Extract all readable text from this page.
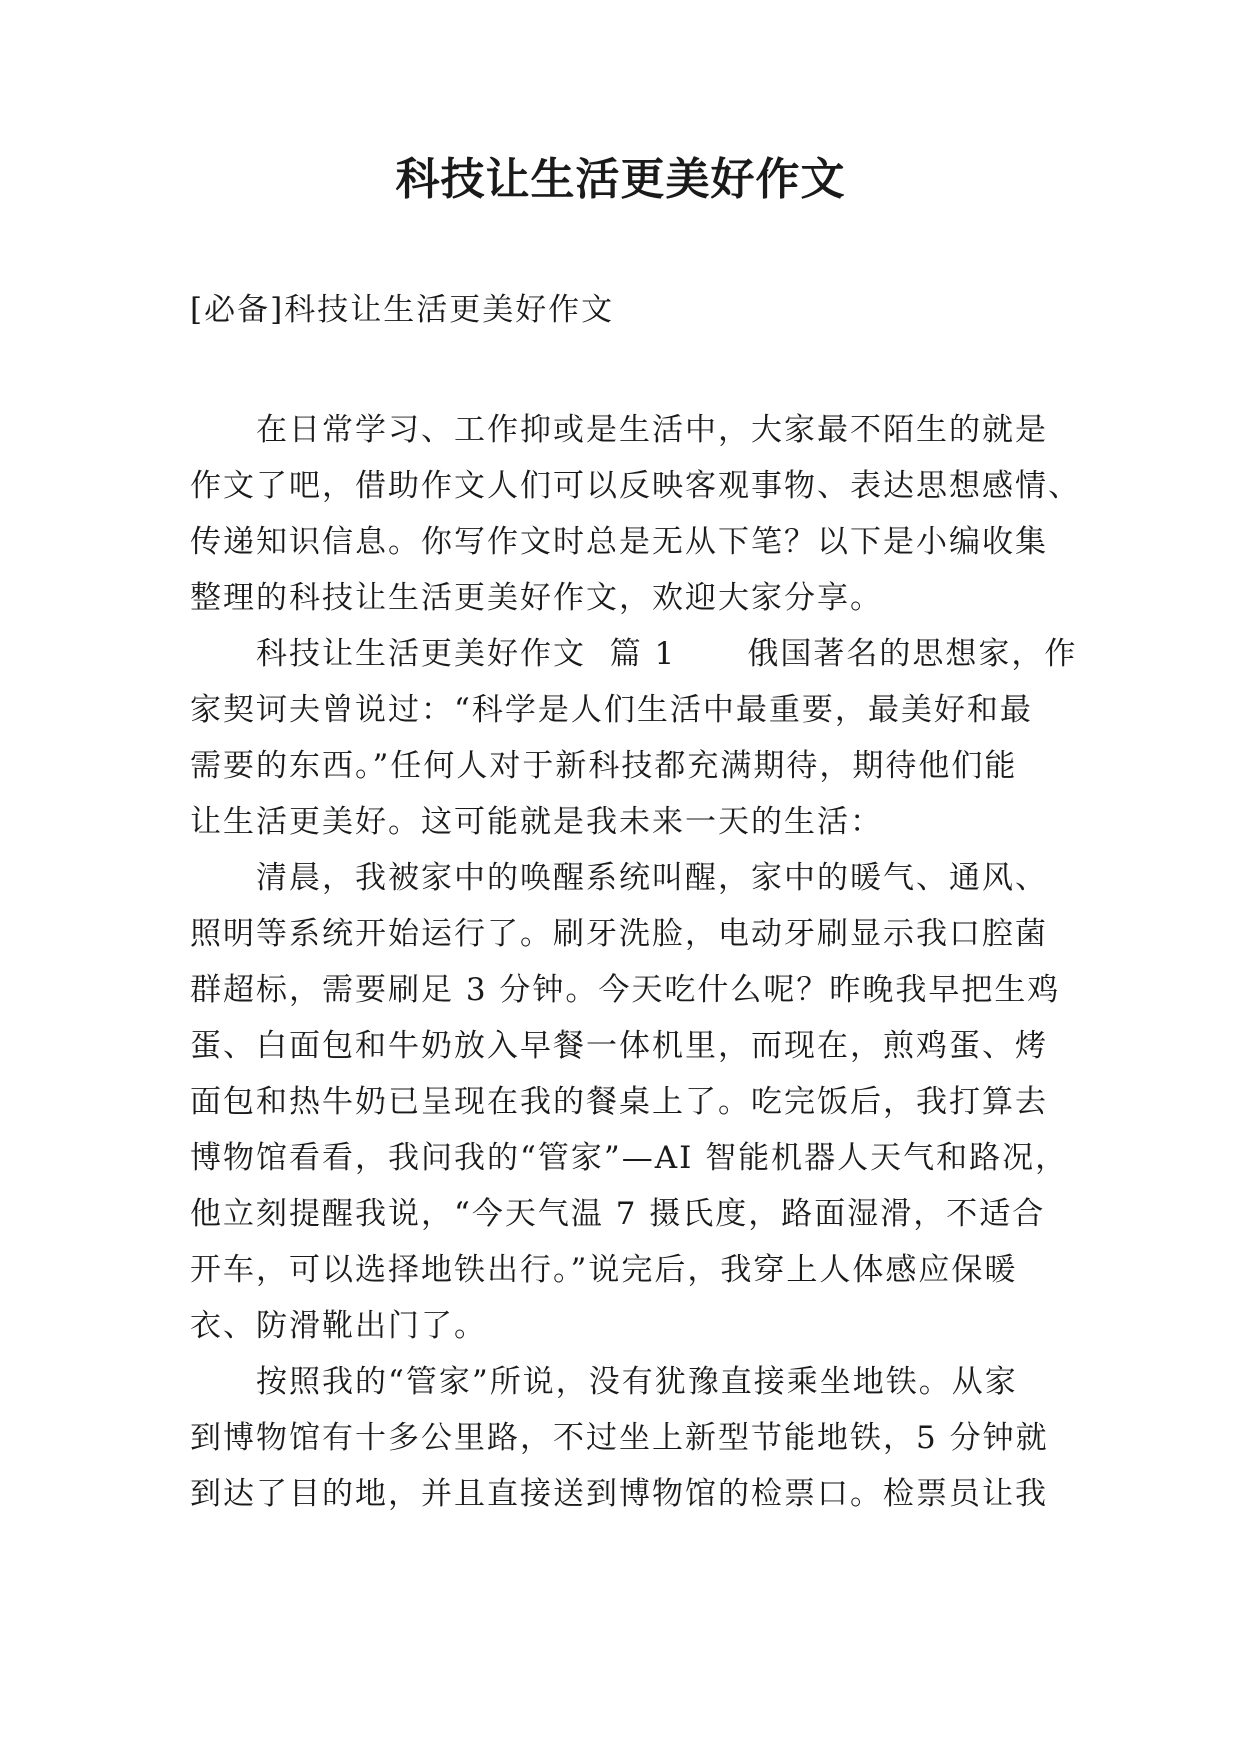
科技让生活更美好作文

[必备]科技让生活更美好作文

在日常学习、工作抑或是生活中，大家最不陌生的就是
作文了吧，借助作文人们可以反映客观事物、表达思想感情、
传递知识信息。你写作文时总是无从下笔？以下是小编收集
整理的科技让生活更美好作文，欢迎大家分享。

科技让生活更美好作文  篇 1      俄国著名的思想家，作
家契诃夫曾说过：“科学是人们生活中最重要，最美好和最
需要的东西。”任何人对于新科技都充满期待，期待他们能
让生活更美好。这可能就是我未来一天的生活：

清晨，我被家中的唤醒系统叫醒，家中的暖气、通风、
照明等系统开始运行了。刷牙洗脸，电动牙刷显示我口腔菌
群超标，需要刷足 3 分钟。今天吃什么呢？昨晚我早把生鸡
蛋、白面包和牛奶放入早餐一体机里，而现在，煎鸡蛋、烤
面包和热牛奶已呈现在我的餐桌上了。吃完饭后，我打算去
博物馆看看，我问我的“管家”—AI 智能机器人天气和路况，
他立刻提醒我说，“今天气温 7 摄氏度，路面湿滑，不适合
开车，可以选择地铁出行。”说完后，我穿上人体感应保暖
衣、防滑靴出门了。

按照我的“管家”所说，没有犹豫直接乘坐地铁。从家
到博物馆有十多公里路，不过坐上新型节能地铁，5 分钟就
到达了目的地，并且直接送到博物馆的检票口。检票员让我
